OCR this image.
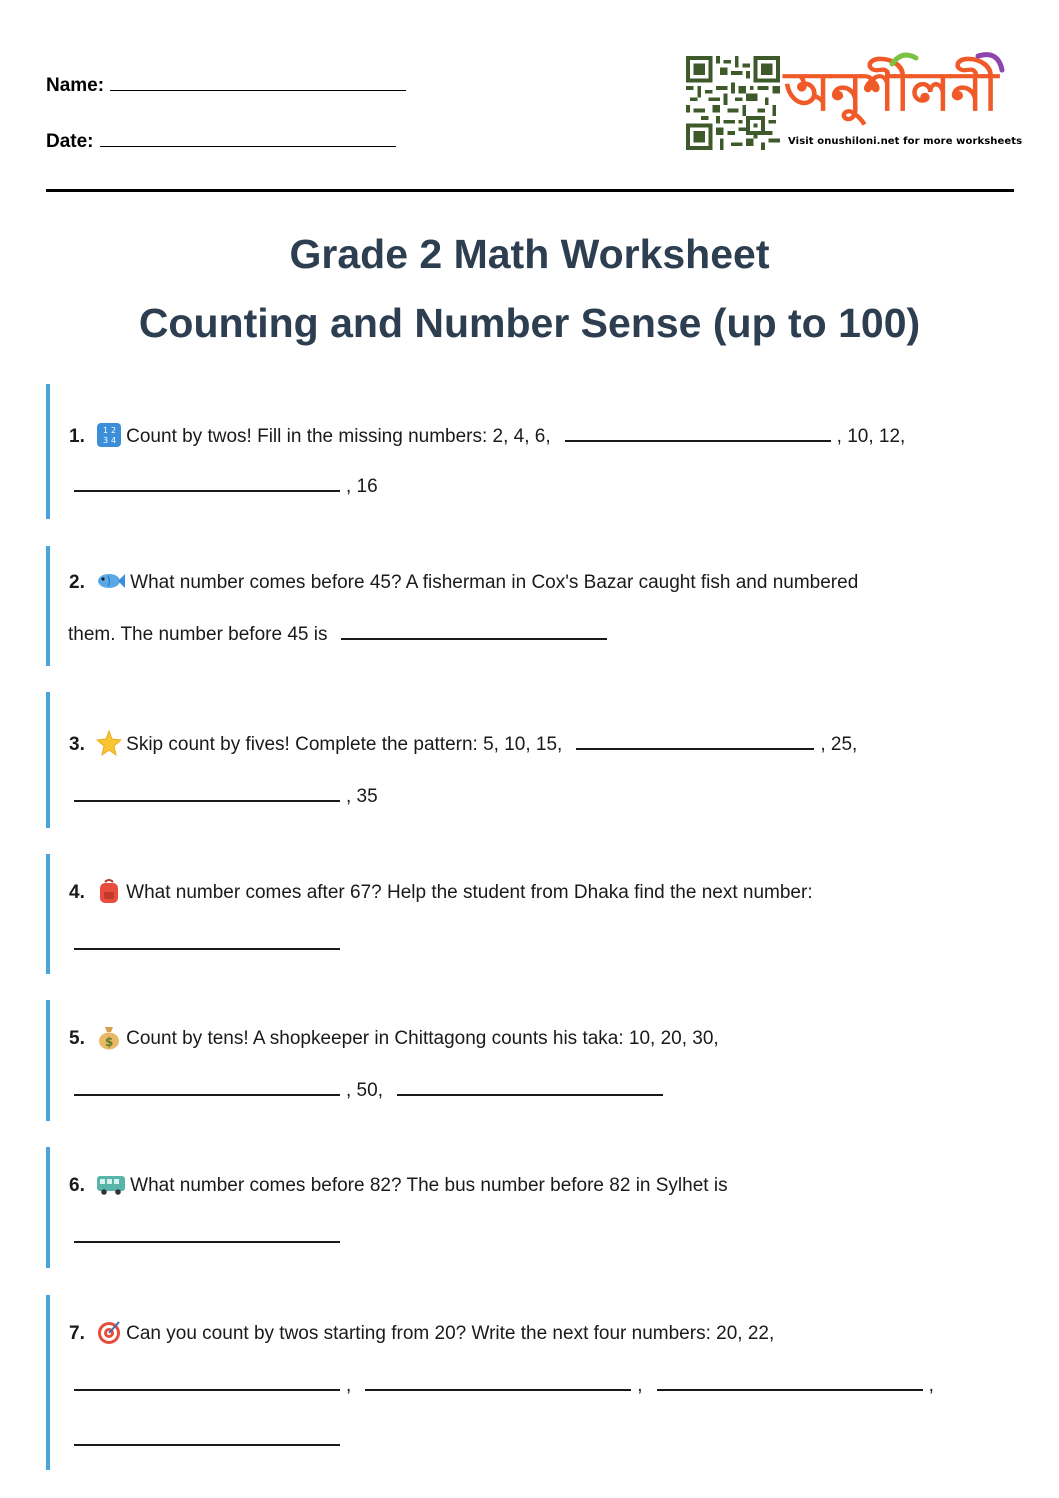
Name:
Date:
অনুশীলনী
Visit onushiloni.net for more worksheets
Grade 2 Math Worksheet
Counting and Number Sense (up to 100)
1. 1 2
3 4 Count by twos! Fill in the missing numbers: 2, 4, 6,	, 10, 12,
, 16
2. What number comes before 45? A fisherman in Cox's Bazar caught fish and numbered
them. The number before 45 is
3. Skip count by fives! Complete the pattern: 5, 10, 15,	, 25,
, 35
4. What number comes after 67? Help the student from Dhaka find the next number:
5. $ Count by tens! A shopkeeper in Chittagong counts his taka: 10, 20, 30,
, 50,
6. What number comes before 82? The bus number before 82 in Sylhet is
7. Can you count by twos starting from 20? Write the next four numbers: 20, 22,
,	,	,
